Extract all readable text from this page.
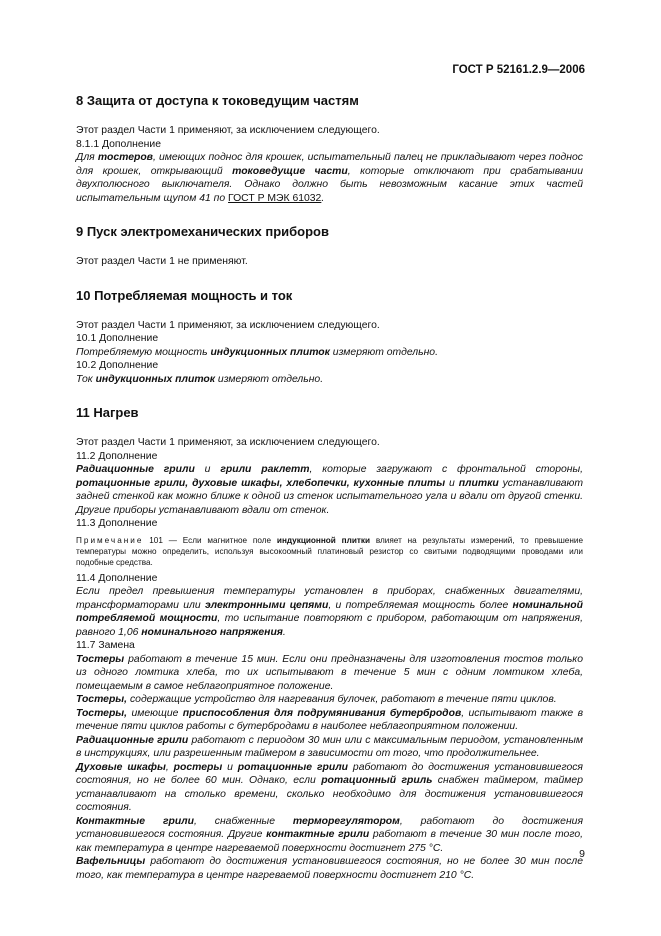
ГОСТ Р 52161.2.9—2006
8 Защита от доступа к токоведущим частям

Этот раздел Части 1 применяют, за исключением следующего.

8.1.1 Дополнение

Для тостеров, имеющих поднос для крошек, испытательный палец не прикладывают через поднос для крошек, открывающий токоведущие части, которые отключают при срабатывании двухполюсного выключателя. Однако должно быть невозможным касание этих частей испытательным щупом 41 по ГОСТ Р МЭК 61032.

9 Пуск электромеханических приборов

Этот раздел Части 1 не применяют.

10 Потребляемая мощность и ток

Этот раздел Части 1 применяют, за исключением следующего.

10.1 Дополнение

Потребляемую мощность индукционных плиток измеряют отдельно.

10.2 Дополнение

Ток индукционных плиток измеряют отдельно.

11 Нагрев

Этот раздел Части 1 применяют, за исключением следующего.

11.2 Дополнение

Радиационные грили и грили раклетт, которые загружают с фронтальной стороны, ротационные грили, духовые шкафы, хлебопечки, кухонные плиты и плитки устанавливают задней стенкой как можно ближе к одной из стенок испытательного угла и вдали от другой стенки. Другие приборы устанавливают вдали от стенок.

11.3 Дополнение

Примечание 101 — Если магнитное поле индукционной плитки влияет на результаты измерений, то превышение температуры можно определить, используя высокоомный платиновый резистор со свитыми подводящими проводами или подобные средства.

11.4 Дополнение

Если предел превышения температуры установлен в приборах, снабженных двигателями, трансформаторами или электронными цепями, и потребляемая мощность более номинальной потребляемой мощности, то испытание повторяют с прибором, работающим от напряжения, равного 1,06 номинального напряжения.

11.7 Замена

Тостеры работают в течение 15 мин. Если они предназначены для изготовления тостов только из одного ломтика хлеба, то их испытывают в течение 5 мин с одним ломтиком хлеба, помещаемым в самое неблагоприятное положение.

Тостеры, содержащие устройство для нагревания булочек, работают в течение пяти циклов.

Тостеры, имеющие приспособления для подрумянивания бутербродов, испытывают также в течение пяти циклов работы с бутербродами в наиболее неблагоприятном положении.

Радиационные грили работают с периодом 30 мин или с максимальным периодом, установленным в инструкциях, или разрешенным таймером в зависимости от того, что продолжительнее.

Духовые шкафы, ростеры и ротационные грили работают до достижения установившегося состояния, но не более 60 мин. Однако, если ротационный гриль снабжен таймером, таймер устанавливают на столько времени, сколько необходимо для достижения установившегося состояния.

Контактные грили, снабженные терморегулятором, работают до достижения установившегося состояния. Другие контактные грили работают в течение 30 мин после того, как температура в центре нагреваемой поверхности достигнет 275 °С.

Вафельницы работают до достижения установившегося состояния, но не более 30 мин после того, как температура в центре нагреваемой поверхности достигнет 210 °С.

9
